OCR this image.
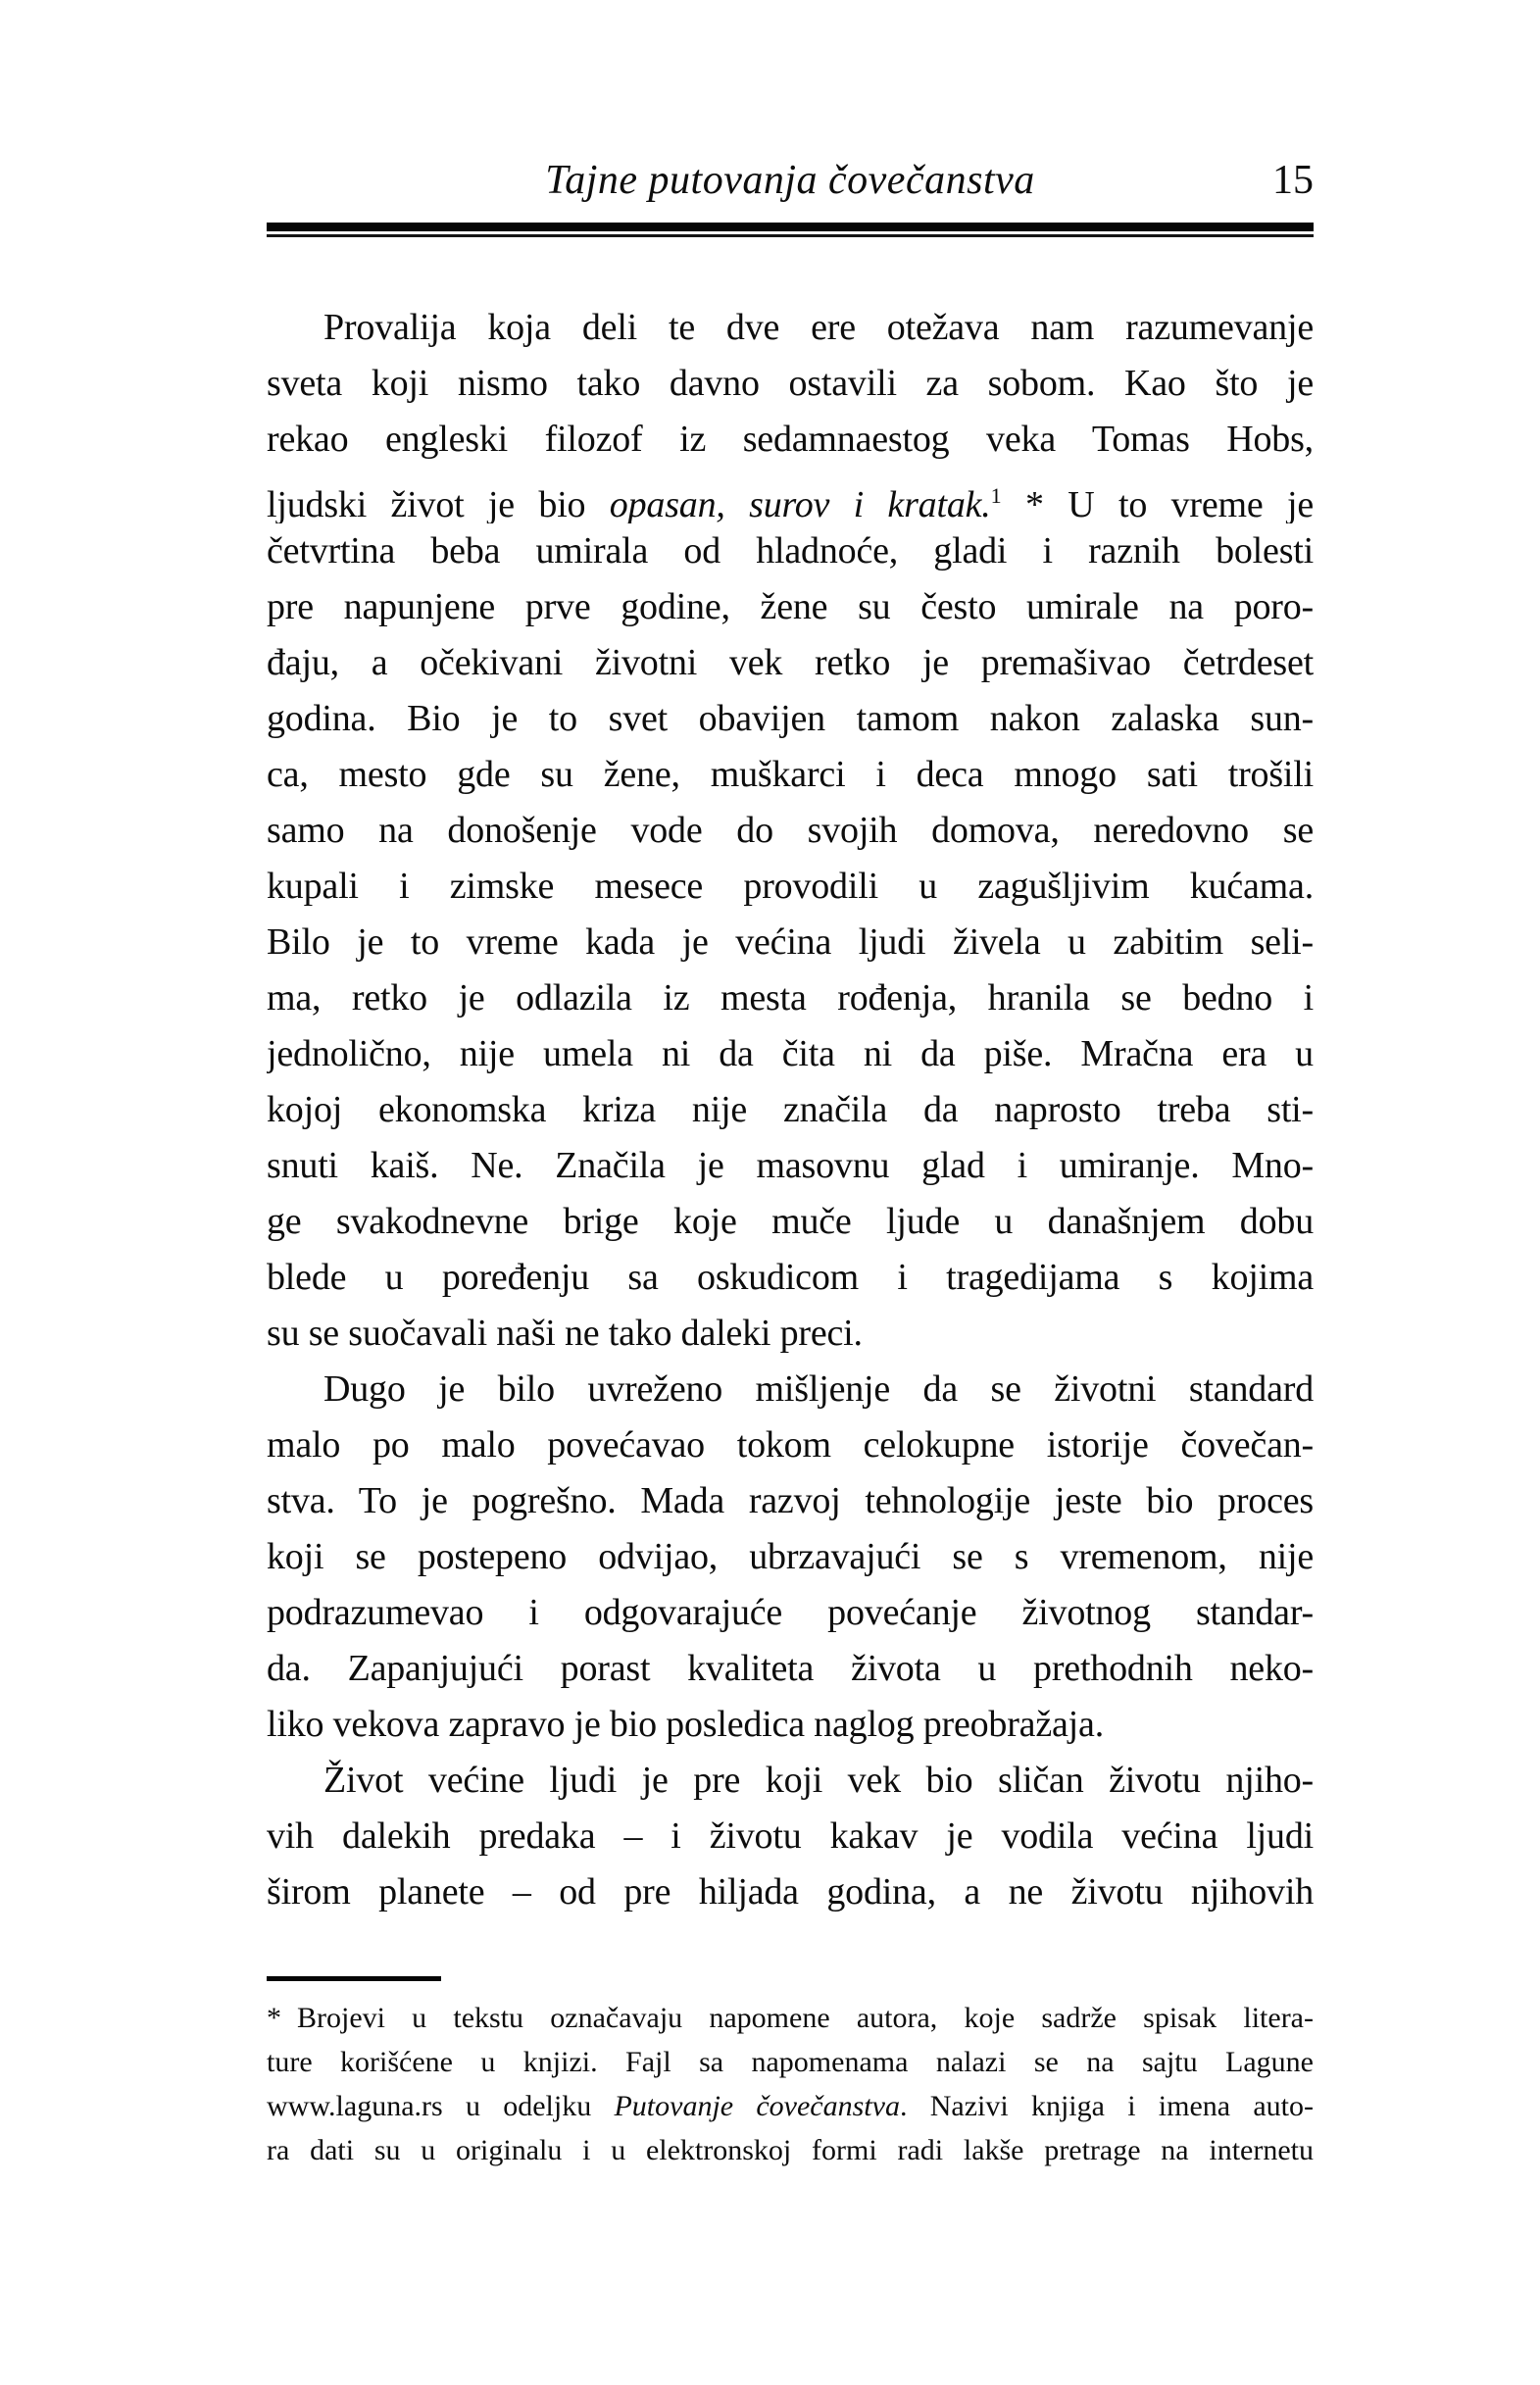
Tajne putovanja čovečanstva	15
Provalija koja deli te dve ere otežava nam razumevanje
sveta koji nismo tako davno ostavili za sobom. Kao što je
rekao engleski filozof iz sedamnaestog veka Tomas Hobs,
ljudski život je bio opasan, surov i kratak.$^1$ * U to vreme je
četvrtina beba umirala od hladnoće, gladi i raznih bolesti
pre napunjene prve godine, žene su često umirale na poro-
đaju, a očekivani životni vek retko je premašivao četrdeset
godina. Bio je to svet obavijen tamom nakon zalaska sun-
ca, mesto gde su žene, muškarci i deca mnogo sati trošili
samo na donošenje vode do svojih domova, neredovno se
kupali i zimske mesece provodili u zagušljivim kućama.
Bilo je to vreme kada je većina ljudi živela u zabitim seli-
ma, retko je odlazila iz mesta rođenja, hranila se bedno i
jednolično, nije umela ni da čita ni da piše. Mračna era u
kojoj ekonomska kriza nije značila da naprosto treba sti-
snuti kaiš. Ne. Značila je masovnu glad i umiranje. Mno-
ge svakodnevne brige koje muče ljude u današnjem dobu
blede u poređenju sa oskudicom i tragedijama s kojima
su se suočavali naši ne tako daleki preci.
Dugo je bilo uvreženo mišljenje da se životni standard
malo po malo povećavao tokom celokupne istorije čovečan-
stva. To je pogrešno. Mada razvoj tehnologije jeste bio proces
koji se postepeno odvijao, ubrzavajući se s vremenom, nije
podrazumevao i odgovarajuće povećanje životnog standar-
da. Zapanjujući porast kvaliteta života u prethodnih neko-
liko vekova zapravo je bio posledica naglog preobražaja.
Život većine ljudi je pre koji vek bio sličan životu njiho-
vih dalekih predaka – i životu kakav je vodila većina ljudi
širom planete – od pre hiljada godina, a ne životu njihovih
* Brojevi u tekstu označavaju napomene autora, koje sadrže spisak litera-
ture korišćene u knjizi. Fajl sa napomenama nalazi se na sajtu Lagune
www.laguna.rs u odeljku Putovanje čovečanstva. Nazivi knjiga i imena auto-
ra dati su u originalu i u elektronskoj formi radi lakše pretrage na internetu
